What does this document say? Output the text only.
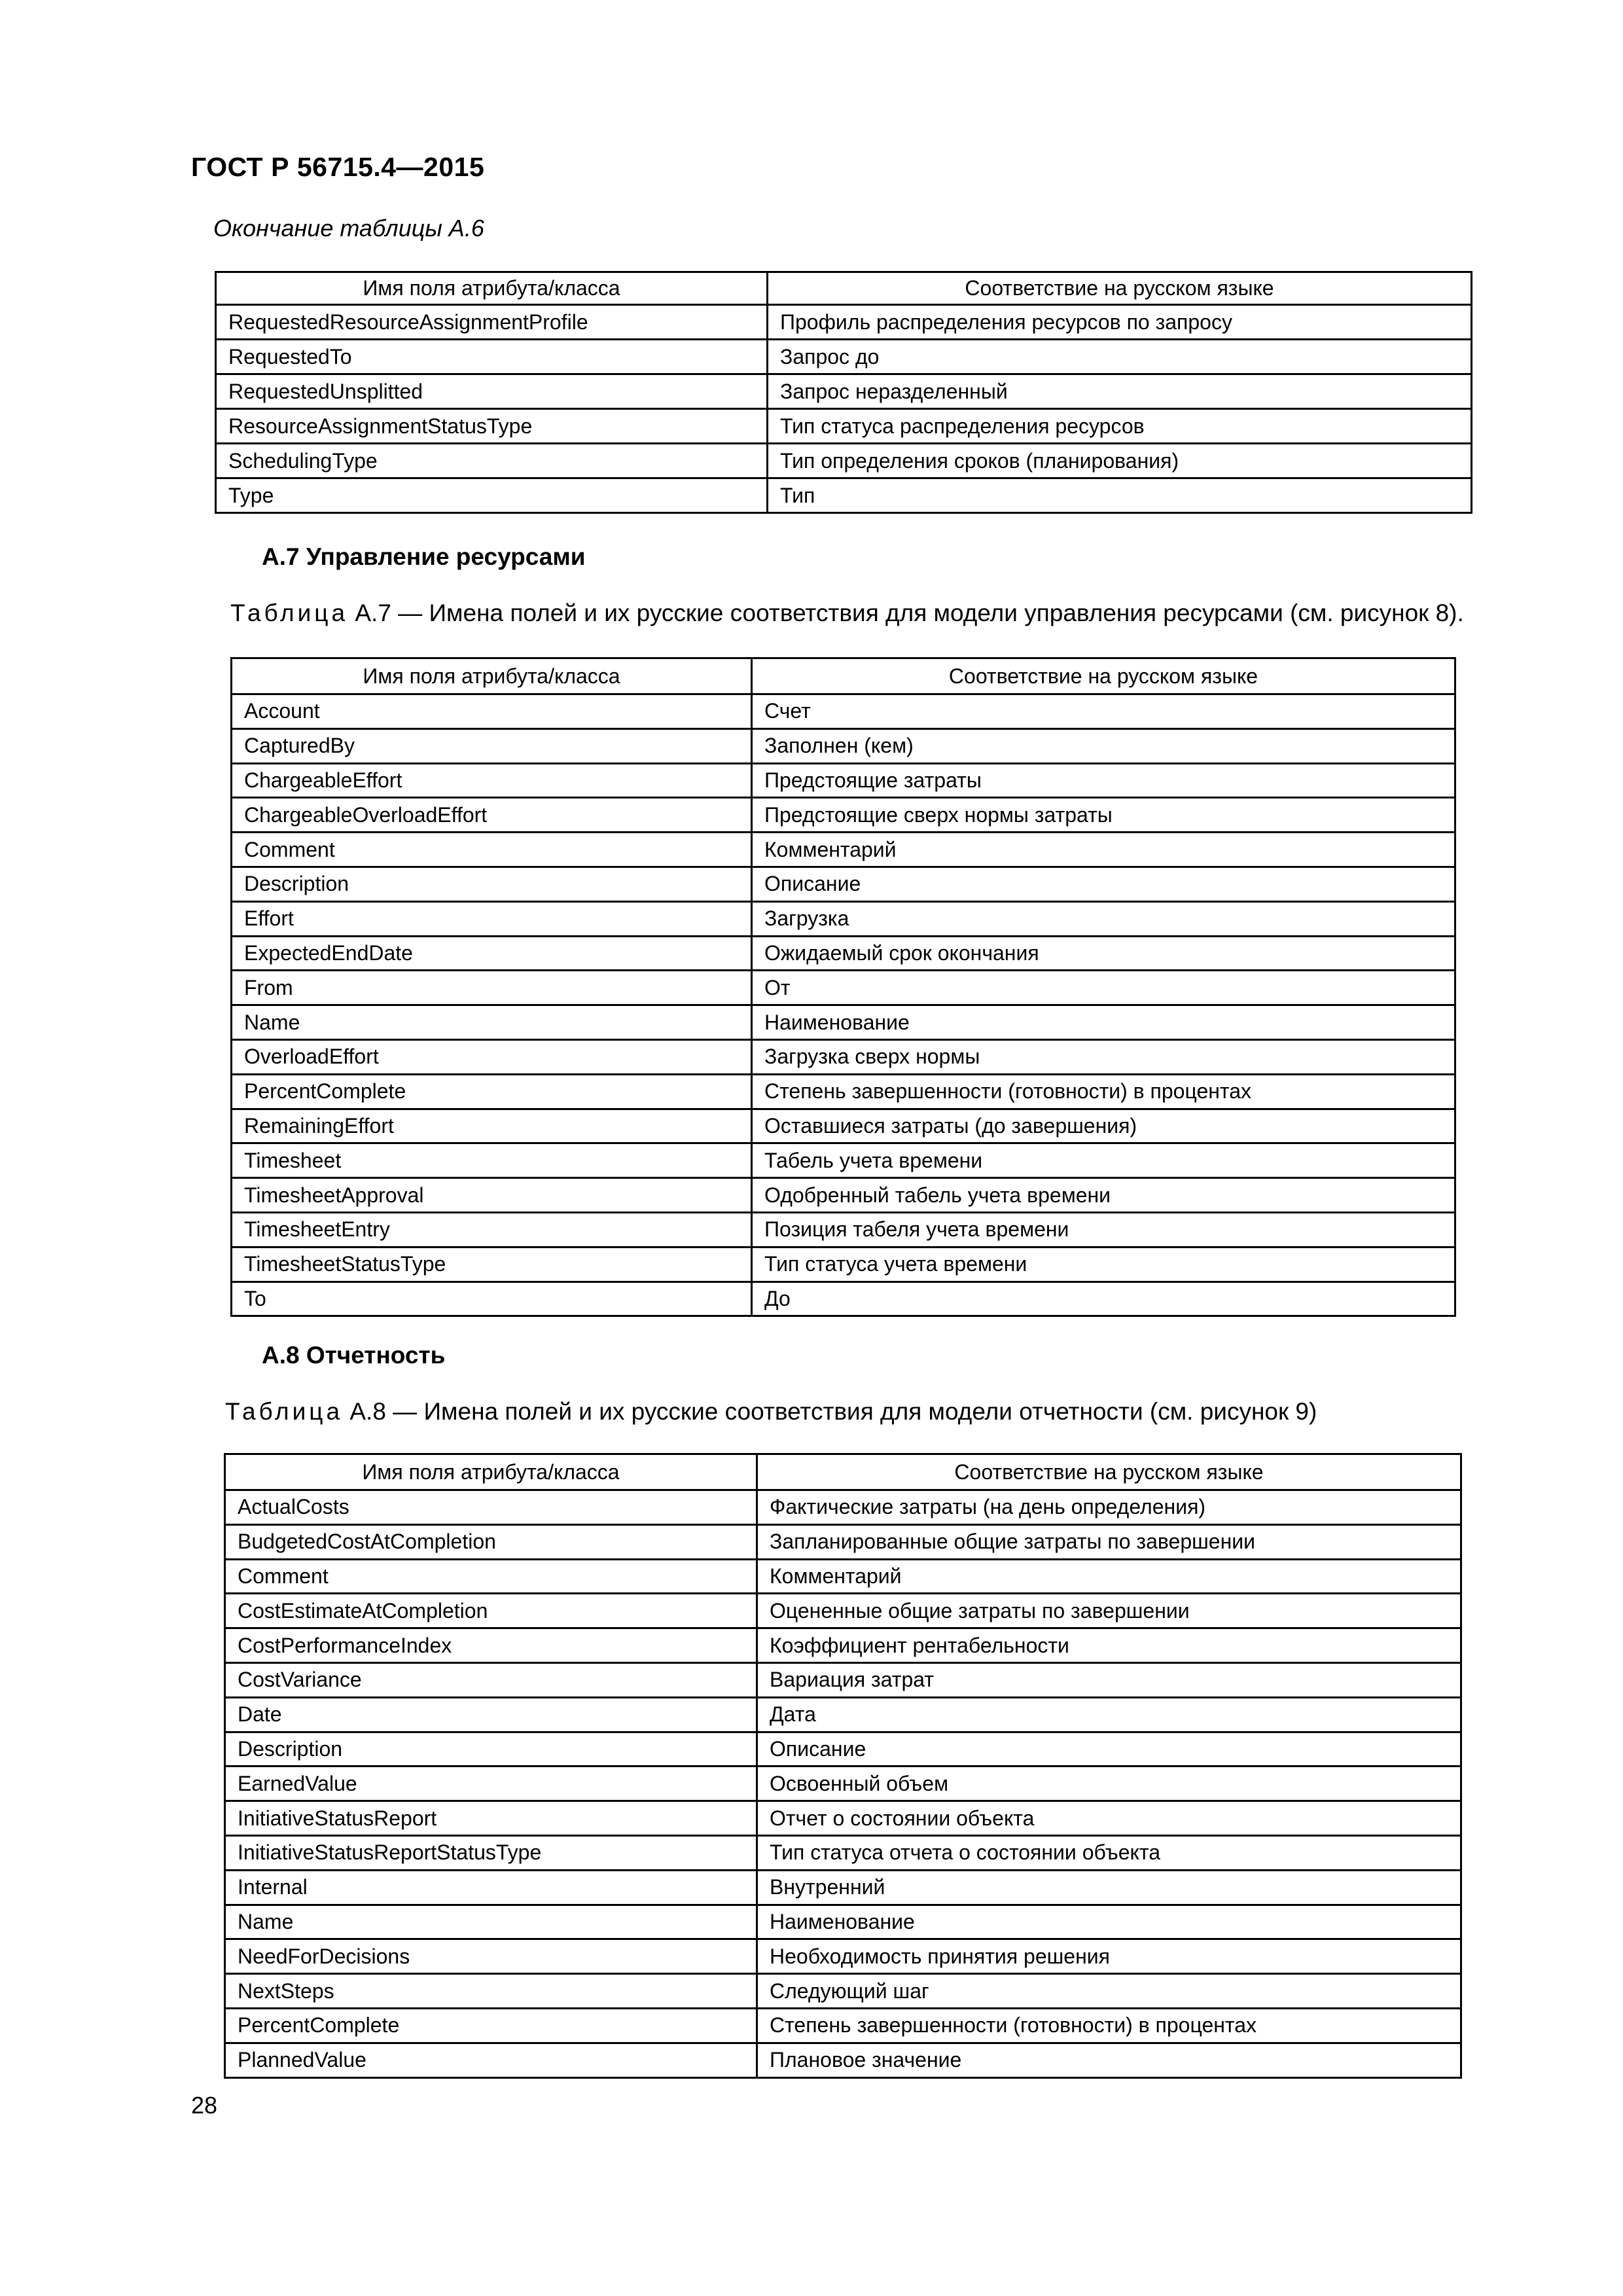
ГОСТ Р 56715.4—2015
Окончание таблицы А.6
Имя поля атрибута/класса	Соответствие на русском языке
RequestedResourceAssignmentProfile	Профиль распределения ресурсов по запросу
RequestedTo	Запрос до
RequestedUnsplitted	Запрос неразделенный
ResourceAssignmentStatusType	Тип статуса распределения ресурсов
SchedulingType	Тип определения сроков (планирования)
Type	Тип
А.7 Управление ресурсами
Таблица А.7 — Имена полей и их русские соответствия для модели управления ресурсами (см. рисунок 8).
Имя поля атрибута/класса	Соответствие на русском языке
Account	Счет
CapturedBy	Заполнен (кем)
ChargeableEffort	Предстоящие затраты
ChargeableOverloadEffort	Предстоящие сверх нормы затраты
Comment	Комментарий
Description	Описание
Effort	Загрузка
ExpectedEndDate	Ожидаемый срок окончания
From	От
Name	Наименование
OverloadEffort	Загрузка сверх нормы
PercentComplete	Степень завершенности (готовности) в процентах
RemainingEffort	Оставшиеся затраты (до завершения)
Timesheet	Табель учета времени
TimesheetApproval	Одобренный табель учета времени
TimesheetEntry	Позиция табеля учета времени
TimesheetStatusType	Тип статуса учета времени
To	До
А.8 Отчетность
Таблица А.8 — Имена полей и их русские соответствия для модели отчетности (см. рисунок 9)
Имя поля атрибута/класса	Соответствие на русском языке
ActualCosts	Фактические затраты (на день определения)
BudgetedCostAtCompletion	Запланированные общие затраты по завершении
Comment	Комментарий
CostEstimateAtCompletion	Оцененные общие затраты по завершении
CostPerformanceIndex	Коэффициент рентабельности
CostVariance	Вариация затрат
Date	Дата
Description	Описание
EarnedValue	Освоенный объем
InitiativeStatusReport	Отчет о состоянии объекта
InitiativeStatusReportStatusType	Тип статуса отчета о состоянии объекта
Internal	Внутренний
Name	Наименование
NeedForDecisions	Необходимость принятия решения
NextSteps	Следующий шаг
PercentComplete	Степень завершенности (готовности) в процентах
PlannedValue	Плановое значение
28
